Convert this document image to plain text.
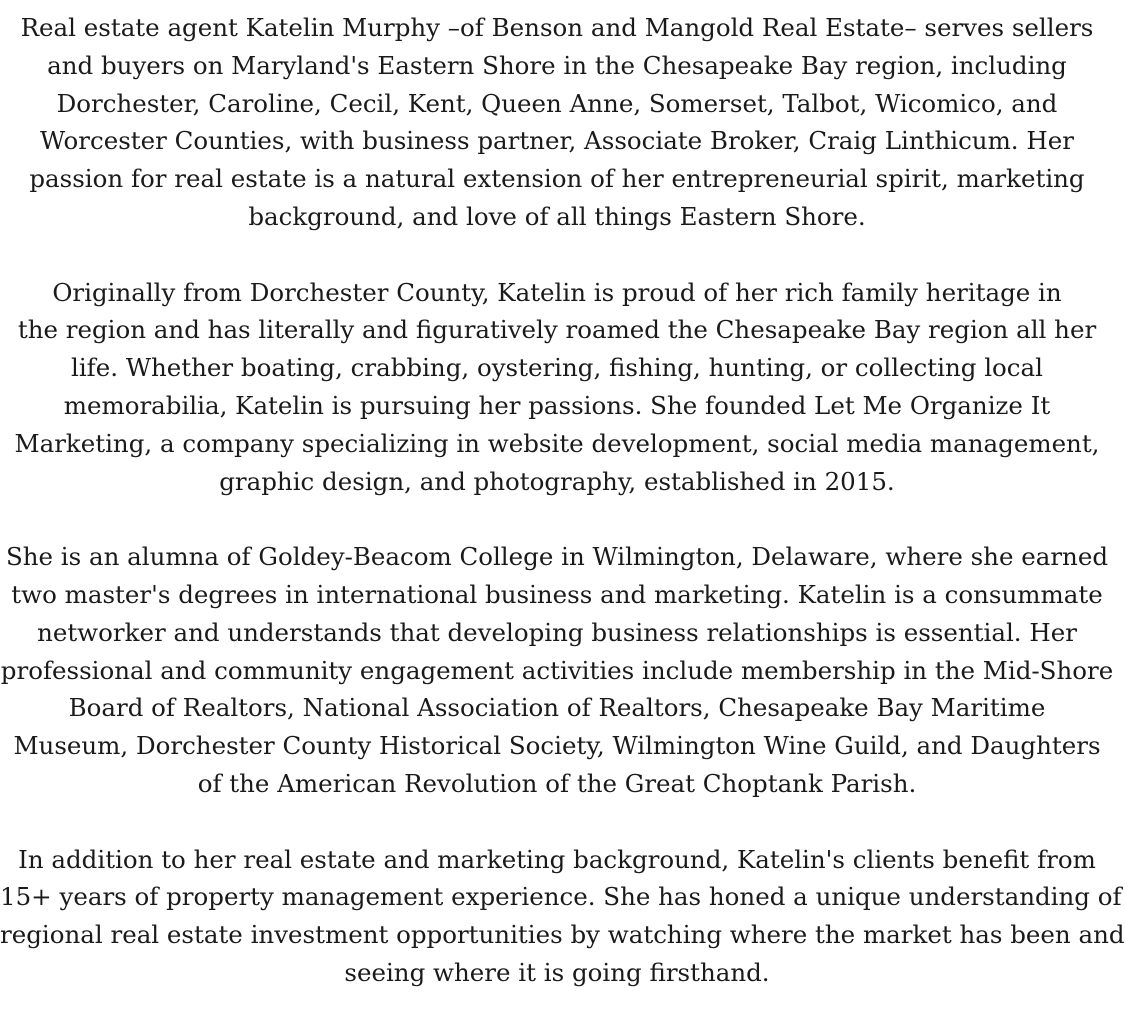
Real estate agent Katelin Murphy –of Benson and Mangold Real Estate– serves sellers
and buyers on Maryland's Eastern Shore in the Chesapeake Bay region, including
Dorchester, Caroline, Cecil, Kent, Queen Anne, Somerset, Talbot, Wicomico, and
Worcester Counties, with business partner, Associate Broker, Craig Linthicum. Her
passion for real estate is a natural extension of her entrepreneurial spirit, marketing
background, and love of all things Eastern Shore.

Originally from Dorchester County, Katelin is proud of her rich family heritage in
the region and has literally and figuratively roamed the Chesapeake Bay region all her
life. Whether boating, crabbing, oystering, fishing, hunting, or collecting local
memorabilia, Katelin is pursuing her passions. She founded Let Me Organize It
Marketing, a company specializing in website development, social media management,
graphic design, and photography, established in 2015.

She is an alumna of Goldey-Beacom College in Wilmington, Delaware, where she earned
two master's degrees in international business and marketing. Katelin is a consummate
networker and understands that developing business relationships is essential. Her
professional and community engagement activities include membership in the Mid-Shore
Board of Realtors, National Association of Realtors, Chesapeake Bay Maritime
Museum, Dorchester County Historical Society, Wilmington Wine Guild, and Daughters
of the American Revolution of the Great Choptank Parish.

In addition to her real estate and marketing background, Katelin's clients benefit from
15+ years of property management experience. She has honed a unique understanding of
regional real estate investment opportunities by watching where the market has been and
seeing where it is going firsthand.
